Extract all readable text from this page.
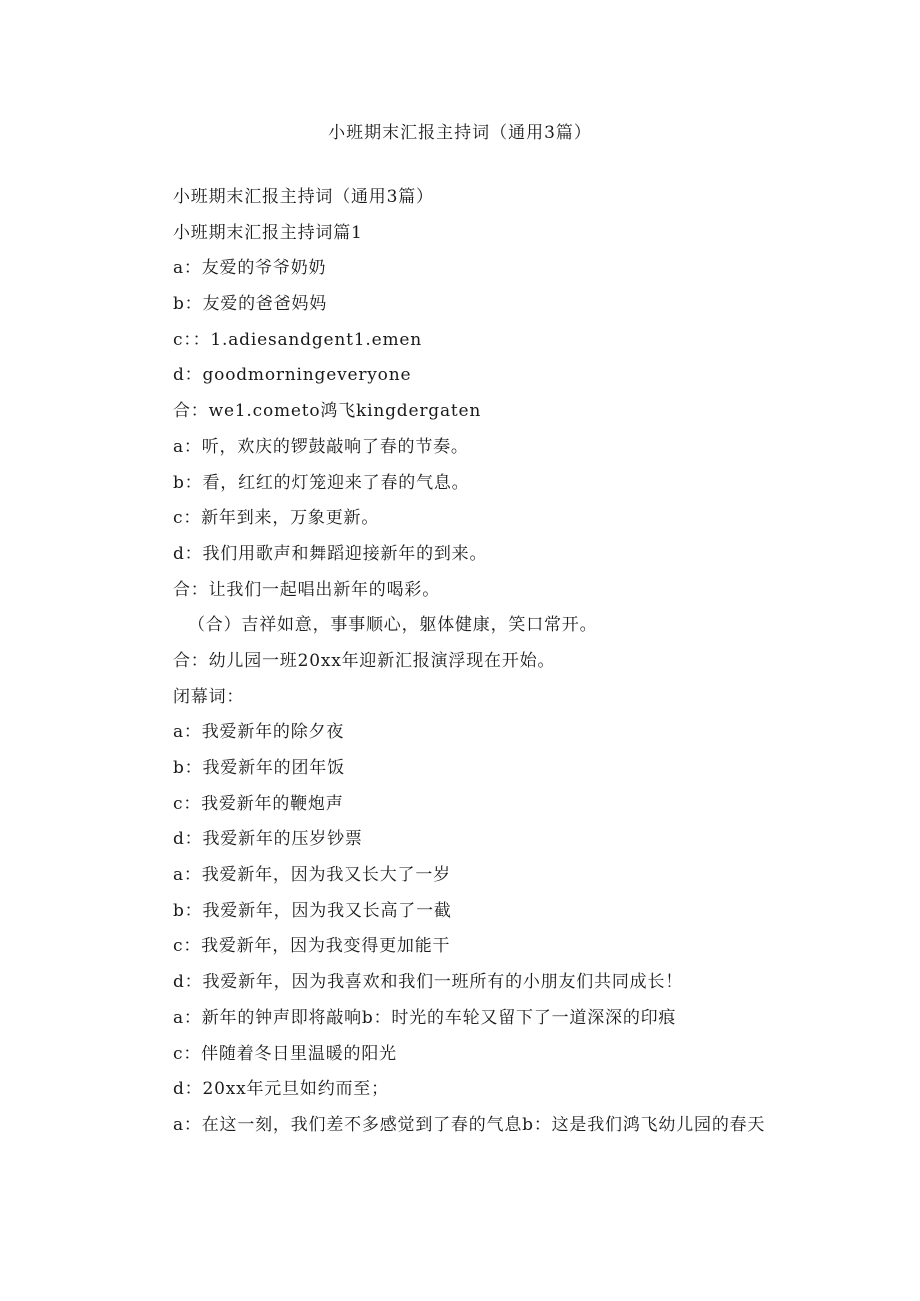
小班期末汇报主持词（通用3篇）
小班期末汇报主持词（通用3篇）
小班期末汇报主持词篇1
a：友爱的爷爷奶奶
b：友爱的爸爸妈妈
c：：1.adiesandgent1.emen
d：goodmorningeveryone
合：we1.cometo鸿飞kingdergaten
a：听，欢庆的锣鼓敲响了春的节奏。
b：看，红红的灯笼迎来了春的气息。
c：新年到来，万象更新。
d：我们用歌声和舞蹈迎接新年的到来。
合：让我们一起唱出新年的喝彩。
（合）吉祥如意，事事顺心，躯体健康，笑口常开。
合：幼儿园一班20xx年迎新汇报演浮现在开始。
闭幕词：
a：我爱新年的除夕夜
b：我爱新年的团年饭
c：我爱新年的鞭炮声
d：我爱新年的压岁钞票
a：我爱新年，因为我又长大了一岁
b：我爱新年，因为我又长高了一截
c：我爱新年，因为我变得更加能干
d：我爱新年，因为我喜欢和我们一班所有的小朋友们共同成长！
a：新年的钟声即将敲响b：时光的车轮又留下了一道深深的印痕
c：伴随着冬日里温暖的阳光
d：20xx年元旦如约而至；
a：在这一刻，我们差不多感觉到了春的气息b：这是我们鸿飞幼儿园的春天
